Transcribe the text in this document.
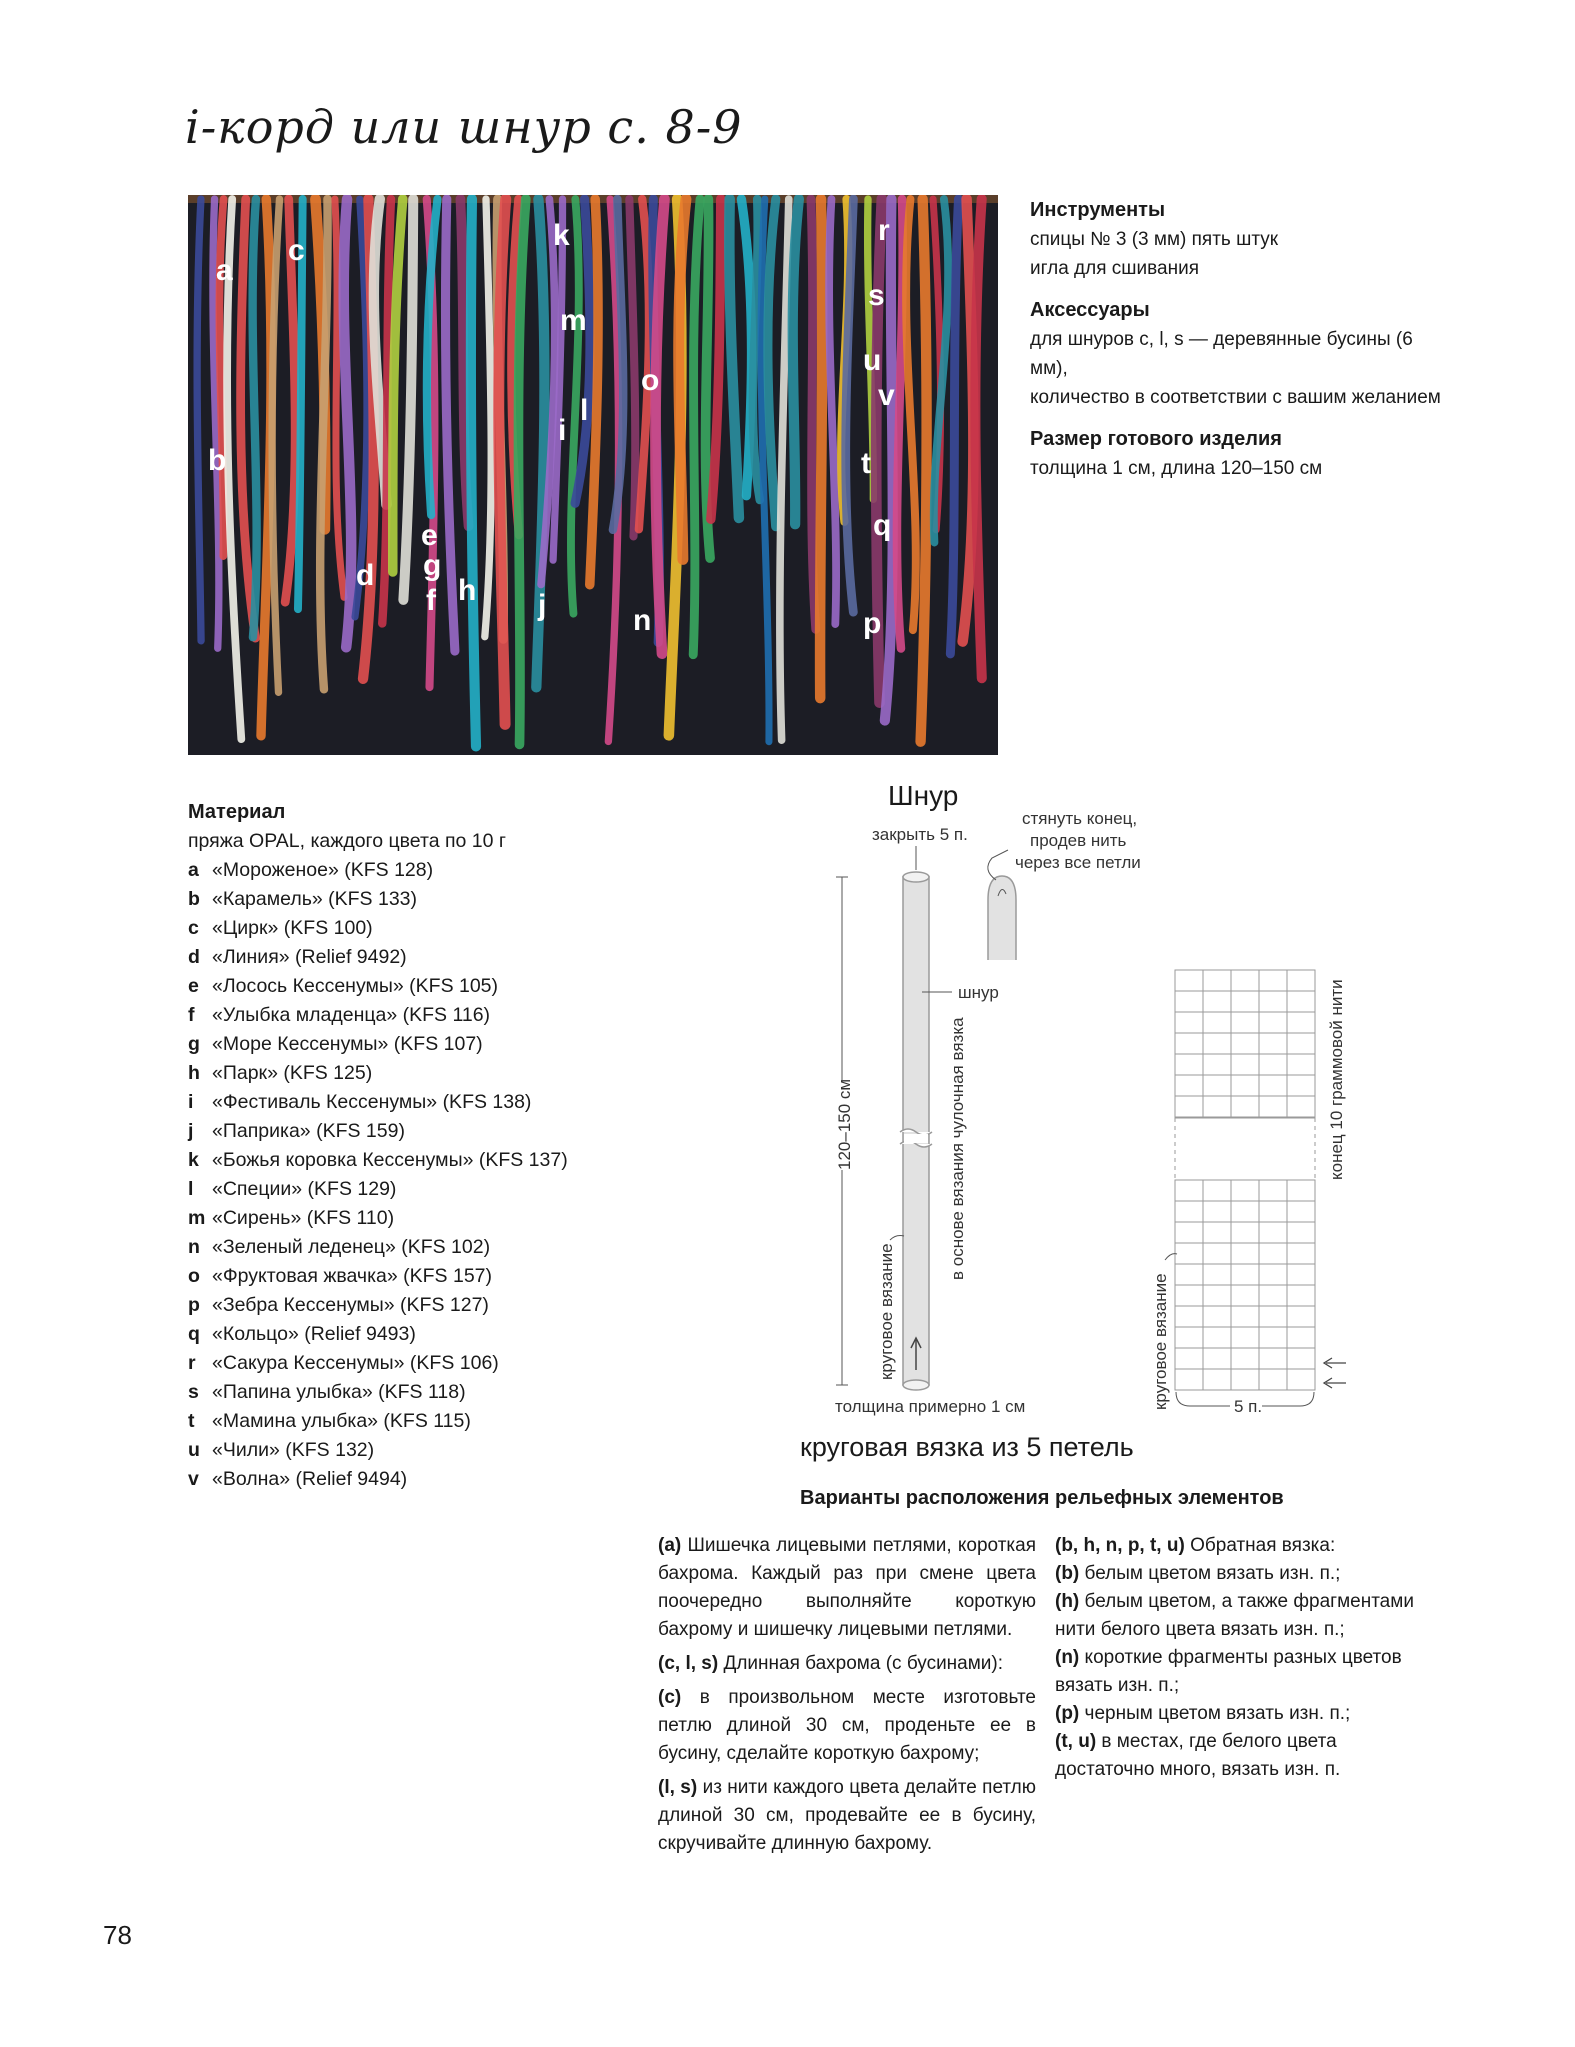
i-корд или шнур с. 8-9
a
b
c
d
e
f
g
h
i
j
k
l
m
n
o
p
q
r
s
t
u
v
Инструменты

спицы № 3 (3 мм) пять штук
игла для сшивания

Аксессуары

для шнуров c, l, s — деревянные бусины (6 мм),
количество в соответствии с вашим желанием

Размер готового изделия

толщина 1 см, длина 120–150 см

Материал

пряжа OPAL, каждого цвета по 10 г

a «Мороженое» (KFS 128)
b «Карамель» (KFS 133)
c «Цирк» (KFS 100)
d «Линия» (Relief 9492)
e «Лосось Кессенумы» (KFS 105)
f «Улыбка младенца» (KFS 116)
g «Море Кессенумы» (KFS 107)
h «Парк» (KFS 125)
i «Фестиваль Кессенумы» (KFS 138)
j «Паприка» (KFS 159)
k «Божья коровка Кессенумы» (KFS 137)
l «Специи» (KFS 129)
m «Сирень» (KFS 110)
n «Зеленый леденец» (KFS 102)
o «Фруктовая жвачка» (KFS 157)
p «Зебра Кессенумы» (KFS 127)
q «Кольцо» (Relief 9493)
r «Сакура Кессенумы» (KFS 106)
s «Папина улыбка» (KFS 118)
t «Мамина улыбка» (KFS 115)
u «Чили» (KFS 132)
v «Волна» (Relief 9494)
Шнур
120–150 см	в основе вязания чулочная вязка
круговое вязание
закрыть 5 п.
шнур
толщина примерно 1 см
стянуть конец,
продев нить
через все петли
конец 10 граммовой нити
круговое вязание	5 п.
круговая вязка из 5 петель
Варианты расположения рельефных элементов

(a) Шишечка лицевыми петлями, короткая бахрома. Каждый раз при смене цвета поочередно выполняйте короткую бахрому и шишечку лицевыми петлями.

(c, l, s) Длинная бахрома (с бусинами):

(c) в произвольном месте изготовьте петлю длиной 30 см, проденьте ее в бусину, сделайте короткую бахрому;

(l, s) из нити каждого цвета делайте петлю длиной 30 см, продевайте ее в бусину, скручивайте длинную бахрому.

(b, h, n, p, t, u) Обратная вязка:

(b) белым цветом вязать изн. п.;

(h) белым цветом, а также фрагментами нити белого цвета вязать изн. п.;

(n) короткие фрагменты разных цветов вязать изн. п.;

(p) черным цветом вязать изн. п.;

(t, u) в местах, где белого цвета достаточно много, вязать изн. п.

78
